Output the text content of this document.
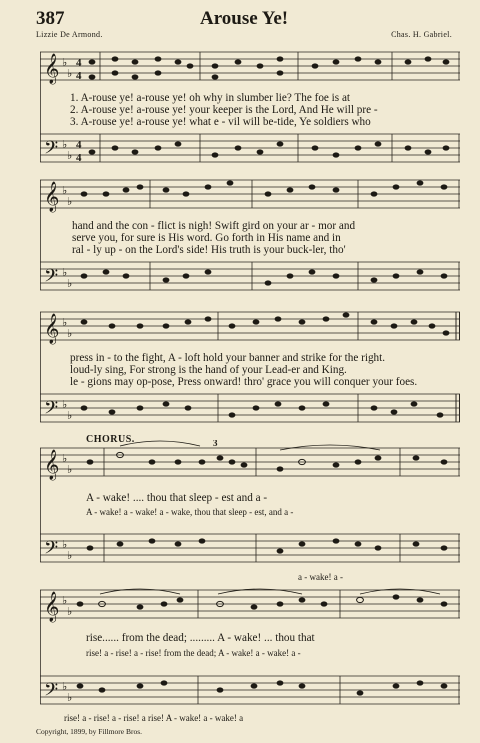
387	Arouse Ye!
Lizzie De Armond.	Chas. H. Gabriel.
𝄞
𝄢
♭
♭
♭
♭
4
4
4
4
1. A-rouse ye! a-rouse ye! oh why in slumber lie? The foe is at
2. A-rouse ye! a-rouse ye! your keeper is the Lord, And He will pre -
3. A-rouse ye! a-rouse ye! what e - vil will be-tide, Ye soldiers who
𝄞
𝄢
♭
♭
♭
♭
hand and the con - flict is nigh! Swift gird on your ar - mor and
serve you, for sure is His word. Go forth in His name and in
ral - ly up - on the Lord's side! His truth is your buck-ler, tho'
𝄞
𝄢
♭
♭
♭
♭
press in - to the fight, A - loft hold your banner and strike for the right.
loud-ly sing, For strong is the hand of your Lead-er and King.
le - gions may op-pose, Press onward! thro' grace you will conquer your foes.
CHORUS.
𝄞
𝄢
♭
♭
♭
♭
3
A - wake! .... thou that sleep - est and a -
A - wake! a - wake! a - wake, thou that sleep - est, and a -
a - wake! a -
𝄞
𝄢
♭
♭
♭
♭
rise...... from the dead; ......... A - wake! ... thou that
rise! a - rise! a - rise! from the dead; A - wake! a - wake! a -
rise! a - rise! a - rise! a rise! A - wake! a - wake! a
Copyright, 1899, by Fillmore Bros.
